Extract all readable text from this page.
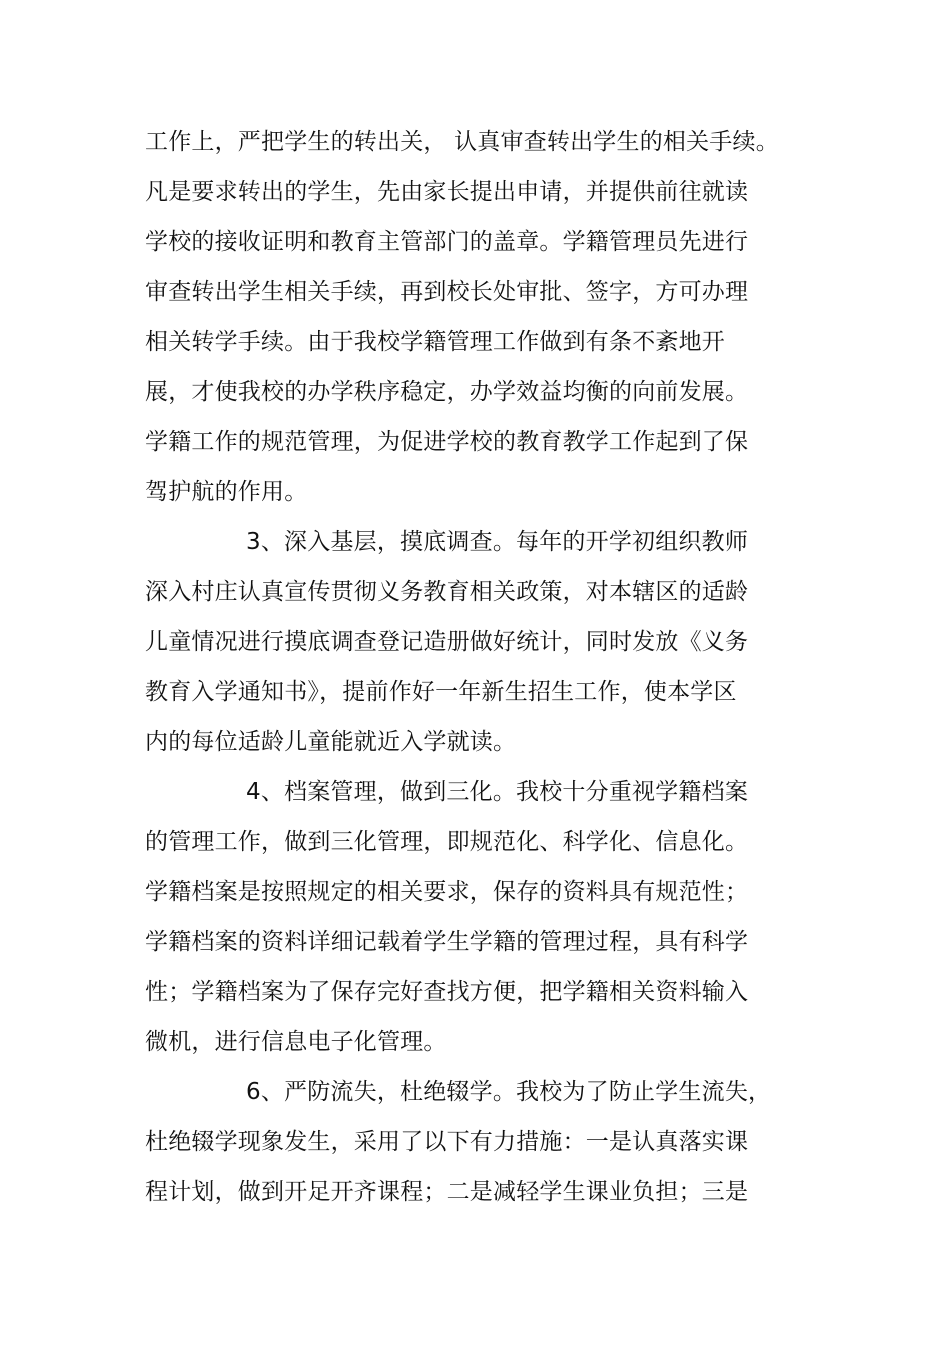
工作上，严把学生的转出关， 认真审查转出学生的相关手续。
凡是要求转出的学生，先由家长提出申请，并提供前往就读
学校的接收证明和教育主管部门的盖章。学籍管理员先进行
审查转出学生相关手续，再到校长处审批、签字，方可办理
相关转学手续。由于我校学籍管理工作做到有条不紊地开
展，才使我校的办学秩序稳定，办学效益均衡的向前发展。
学籍工作的规范管理，为促进学校的教育教学工作起到了保
驾护航的作用。
3、深入基层，摸底调查。每年的开学初组织教师
深入村庄认真宣传贯彻义务教育相关政策，对本辖区的适龄
儿童情况进行摸底调查登记造册做好统计，同时发放《义务
教育入学通知书》，提前作好一年新生招生工作，使本学区
内的每位适龄儿童能就近入学就读。
4、档案管理，做到三化。我校十分重视学籍档案
的管理工作，做到三化管理，即规范化、科学化、信息化。
学籍档案是按照规定的相关要求，保存的资料具有规范性；
学籍档案的资料详细记载着学生学籍的管理过程，具有科学
性；学籍档案为了保存完好查找方便，把学籍相关资料输入
微机，进行信息电子化管理。
6、严防流失，杜绝辍学。我校为了防止学生流失，
杜绝辍学现象发生，采用了以下有力措施：一是认真落实课
程计划，做到开足开齐课程；二是减轻学生课业负担；三是
